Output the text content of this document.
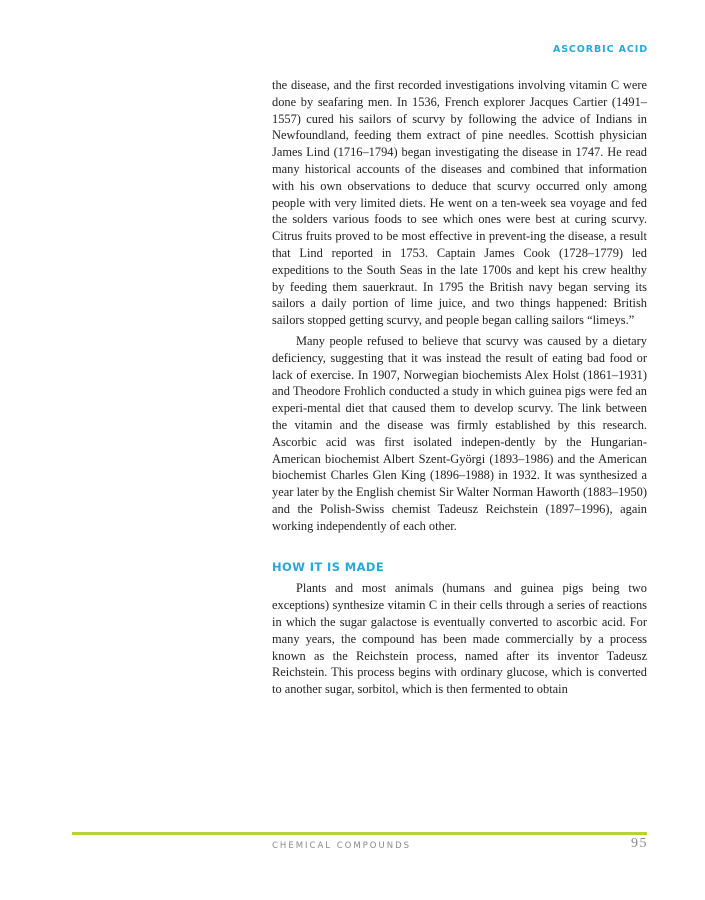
ASCORBIC ACID

the disease, and the first recorded investigations involving vitamin C were done by seafaring men. In 1536, French explorer Jacques Cartier (1491–1557) cured his sailors of scurvy by following the advice of Indians in Newfoundland, feeding them extract of pine needles. Scottish physician James Lind (1716–1794) began investigating the disease in 1747. He read many historical accounts of the diseases and combined that information with his own observations to deduce that scurvy occurred only among people with very limited diets. He went on a ten-week sea voyage and fed the solders various foods to see which ones were best at curing scurvy. Citrus fruits proved to be most effective in prevent-ing the disease, a result that Lind reported in 1753. Captain James Cook (1728–1779) led expeditions to the South Seas in the late 1700s and kept his crew healthy by feeding them sauerkraut. In 1795 the British navy began serving its sailors a daily portion of lime juice, and two things happened: British sailors stopped getting scurvy, and people began calling sailors “limeys.”

Many people refused to believe that scurvy was caused by a dietary deficiency, suggesting that it was instead the result of eating bad food or lack of exercise. In 1907, Norwegian biochemists Alex Holst (1861–1931) and Theodore Frohlich conducted a study in which guinea pigs were fed an experi-mental diet that caused them to develop scurvy. The link between the vitamin and the disease was firmly established by this research. Ascorbic acid was first isolated indepen-dently by the Hungarian-American biochemist Albert Szent-Györgi (1893–1986) and the American biochemist Charles Glen King (1896–1988) in 1932. It was synthesized a year later by the English chemist Sir Walter Norman Haworth (1883–1950) and the Polish-Swiss chemist Tadeusz Reichstein (1897–1996), again working independently of each other.

HOW IT IS MADE

Plants and most animals (humans and guinea pigs being two exceptions) synthesize vitamin C in their cells through a series of reactions in which the sugar galactose is eventually converted to ascorbic acid. For many years, the compound has been made commercially by a process known as the Reichstein process, named after its inventor Tadeusz Reichstein. This process begins with ordinary glucose, which is converted to another sugar, sorbitol, which is then fermented to obtain

CHEMICAL COMPOUNDS	95
